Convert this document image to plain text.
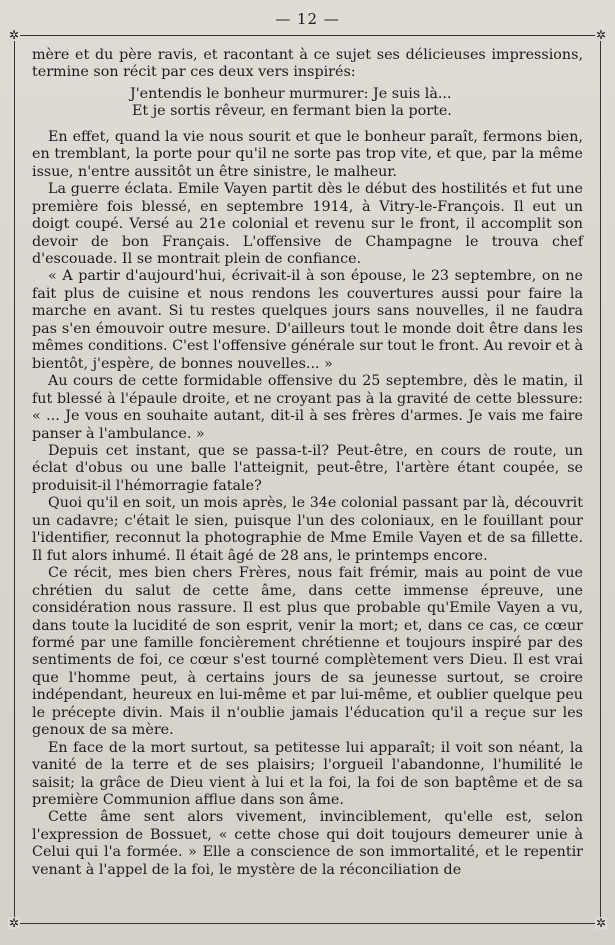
— 12 —
✲	✲
✲	✲

mère et du père ravis, et racontant à ce sujet ses délicieuses impressions, termine son récit par ces deux vers inspirés:

J'entendis le bonheur murmurer: Je suis là...
Et je sortis rêveur, en fermant bien la porte.

En effet, quand la vie nous sourit et que le bonheur paraît, fermons bien, en tremblant, la porte pour qu'il ne sorte pas trop vite, et que, par la même issue, n'entre aussitôt un être sinistre, le malheur.

La guerre éclata. Emile Vayen partit dès le début des hostilités et fut une première fois blessé, en septembre 1914, à Vitry-le-François. Il eut un doigt coupé. Versé au 21e colonial et revenu sur le front, il accomplit son devoir de bon Français. L'offensive de Champagne le trouva chef d'escouade. Il se montrait plein de confiance.

« A partir d'aujourd'hui, écrivait-il à son épouse, le 23 septembre, on ne fait plus de cuisine et nous rendons les couvertures aussi pour faire la marche en avant. Si tu restes quelques jours sans nouvelles, il ne faudra pas s'en émouvoir outre mesure. D'ailleurs tout le monde doit être dans les mêmes conditions. C'est l'offensive générale sur tout le front. Au revoir et à bientôt, j'espère, de bonnes nouvelles... »

Au cours de cette formidable offensive du 25 septembre, dès le matin, il fut blessé à l'épaule droite, et ne croyant pas à la gravité de cette blessure: « ... Je vous en souhaite autant, dit-il à ses frères d'armes. Je vais me faire panser à l'ambulance. »

Depuis cet instant, que se passa-t-il? Peut-être, en cours de route, un éclat d'obus ou une balle l'atteignit, peut-être, l'artère étant coupée, se produisit-il l'hémorragie fatale?

Quoi qu'il en soit, un mois après, le 34e colonial passant par là, découvrit un cadavre; c'était le sien, puisque l'un des coloniaux, en le fouillant pour l'identifier, reconnut la photographie de Mme Emile Vayen et de sa fillette. Il fut alors inhumé. Il était âgé de 28 ans, le printemps encore.

Ce récit, mes bien chers Frères, nous fait frémir, mais au point de vue chrétien du salut de cette âme, dans cette immense épreuve, une considération nous rassure. Il est plus que probable qu'Emile Vayen a vu, dans toute la lucidité de son esprit, venir la mort; et, dans ce cas, ce cœur formé par une famille foncièrement chrétienne et toujours inspiré par des sentiments de foi, ce cœur s'est tourné complètement vers Dieu. Il est vrai que l'homme peut, à certains jours de sa jeunesse surtout, se croire indépendant, heureux en lui-même et par lui-même, et oublier quelque peu le précepte divin. Mais il n'oublie jamais l'éducation qu'il a reçue sur les genoux de sa mère.

En face de la mort surtout, sa petitesse lui apparaît; il voit son néant, la vanité de la terre et de ses plaisirs; l'orgueil l'abandonne, l'humilité le saisit; la grâce de Dieu vient à lui et la foi, la foi de son baptême et de sa première Communion afflue dans son âme.

Cette âme sent alors vivement, invinciblement, qu'elle est, selon l'expression de Bossuet, « cette chose qui doit toujours demeurer unie à Celui qui l'a formée. » Elle a conscience de son immortalité, et le repentir venant à l'appel de la foi, le mystère de la réconciliation de
